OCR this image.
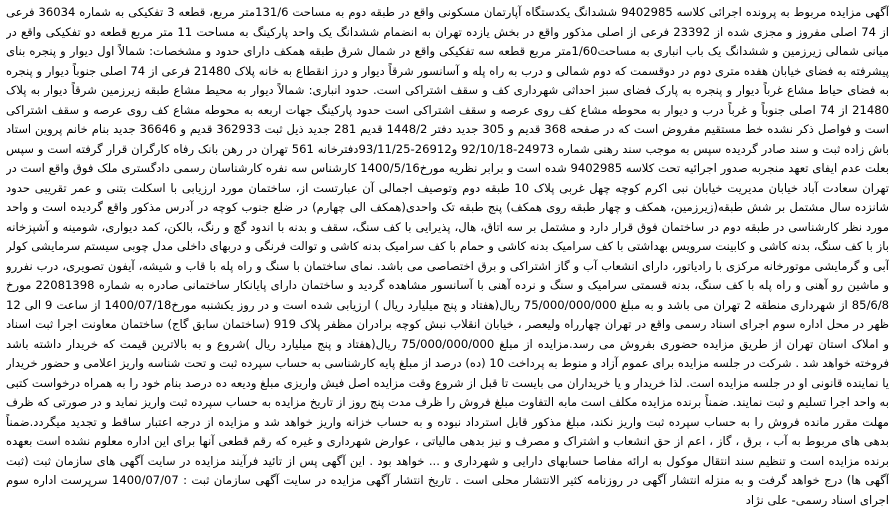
آگهی مزایده مربوط به پرونده اجرائی کلاسه 9402985 ششدانگ یکدستگاه آپارتمان مسکونی واقع در طبقه دوم به مساحت 131/6متر مربع، قطعه 3 تفکیکی به شماره 36034 فرعی از 74 اصلی مفروز و مجزی شده از 23392 فرعی از اصلی مذکور واقع در بخش یازده تهران به انضمام ششدانگ یک واحد پارکینگ به مساحت 11 متر مربع قطعه دو تفکیکی واقع در میانی شمالی زیرزمین و ششدانگ یک باب انباری به مساحت1/60متر مربع قطعه سه تفکیکی واقع در شمال شرق طبقه همکف دارای حدود و مشخصات: شمالاً اول دیوار و پنجره بنای پیشرفته به فضای خیابان هفده متری دوم در دوقسمت که دوم شمالی و درب به راه پله و آسانسور شرقاً دیوار و درز انقطاع به خانه پلاک 21480 فرعی از 74 اصلی جنوباً دیوار و پنجره به فضای حیاط مشاع غرباً دیوار و پنجره به پارک فضای سبز احداثی شهرداری کف و سقف اشتراکی است. حدود انباری: شمالاً دیوار به محیط مشاع طبقه زیرزمین شرقاً دیوار به پلاک 21480 از 74 اصلی جنوباً و غرباً درب و دیوار به محوطه مشاع کف روی عرصه و سقف اشتراکی است حدود پارکینگ جهات اربعه به محوطه مشاع کف روی عرصه و سقف اشتراکی است و فواصل ذکر نشده خط مستقیم مفروض است که در صفحه 368 قدیم و 305 جدید دفتر 1448/2 قدیم 281 جدید ذیل ثبت 362933 قدیم و 36646 جدید بنام خانم پروین استاد باش زاده ثبت و سند صادر گردیده سپس به موجب سند رهنی شماره 24973-92/10/18 و26912-93/11/25دفترخانه 561 تهران در رهن بانک رفاه کارگران قرار گرفته است و سپس بعلت عدم ایفای تعهد منجربه صدور اجرائیه تحت کلاسه 9402985 شده است و برابر نظریه مورخ1400/5/16 کارشناس سه نفره کارشناسان رسمی دادگستری ملک فوق واقع است در تهران سعادت آباد خیابان مدیریت خیابان نبی اکرم کوچه چهل غربی پلاک 10 طبقه دوم وتوصیف اجمالی آن عبارتست از، ساختمان مورد ارزیابی با اسکلت بتنی و عمر تقریبی حدود شانزده سال مشتمل بر شش طبقه(زیرزمین، همکف و چهار طبقه روی همکف) پنج طبقه تک واحدی(همکف الی چهارم) در ضلع جنوب کوچه در آدرس مذکور واقع گردیده است و واحد مورد نظر کارشناسی در طبقه دوم در ساختمان فوق قرار دارد و مشتمل بر سه اتاق، هال، پذیرایی با کف سنگ، سقف و بدنه با اندود گچ و رنگ، بالکن، کمد دیواری، شومینه و آشپزخانه باز با کف سنگ، بدنه کاشی و کابینت سرویس بهداشتی با کف سرامیک بدنه کاشی و حمام با کف سرامیک بدنه کاشی و توالت فرنگی و دربهای داخلی مدل چوبی سیستم سرمایشی کولر آبی و گرمایشی موتورخانه مرکزی با رادیاتور، دارای انشعاب آب و گاز اشتراکی و برق اختصاصی می باشد. نمای ساختمان با سنگ و راه پله با قاب و شیشه، آیفون تصویری، درب نفررو و ماشین رو آهنی و راه پله با کف سنگ، بدنه قسمتی سرامیک و سنگ و نرده آهنی با آسانسور مشاهده گردید و ساختمان دارای پایانکار ساختمانی صادره به شماره 22081398 مورخ 85/6/8 از شهرداری منطقه 2 تهران می باشد و به مبلغ 75/000/000/000 ریال(هفتاد و پنج میلیارد ریال ) ارزیابی شده است و در روز یکشنبه مورخ1400/07/18 از ساعت 9 الی 12 ظهر در محل اداره سوم اجرای اسناد رسمی واقع در تهران چهارراه ولیعصر ، خیابان انقلاب نبش کوچه برادران مظفر پلاک 919 (ساختمان سابق گاج) ساختمان معاونت اجرا ثبت اسناد و املاک استان تهران از طریق مزایده حضوری بفروش می رسد.مزایده از مبلغ 75/000/000/000 ریال(هفتاد و پنج میلیارد ریال )شروع و به بالاترین قیمت که خریدار داشته باشد فروخته خواهد شد . شرکت در جلسه مزایده برای عموم آزاد و منوط به پرداخت 10 (ده) درصد از مبلغ پایه کارشناسی به حساب سپرده ثبت و تحت شناسه واریز اعلامی و حضور خریدار یا نماینده قانونی او در جلسه مزایده است. لذا خریدار و یا خریداران می بایست تا قبل از شروع وقت مزایده اصل فیش واریزی مبلغ ودیعه ده درصد بنام خود را به همراه درخواست کتبی به واحد اجرا تسلیم و ثبت نمایند. ضمناً برنده مزایده مکلف است مابه التفاوت مبلغ فروش را ظرف مدت پنج روز از تاریخ مزایده به حساب سپرده ثبت واریز نماید و در صورتی که ظرف مهلت مقرر مانده فروش را به حساب سپرده ثبت واریز نکند، مبلغ مذکور قابل استرداد نبوده و به حساب خزانه واریز خواهد شد و مزایده از درجه اعتبار ساقط و تجدید میگردد.ضمناً بدهی های مربوط به آب ، برق ، گاز ، اعم از حق انشعاب و اشتراک و مصرف و نیز بدهی مالیاتی ، عوارض شهرداری و غیره که رقم قطعی آنها برای این اداره معلوم نشده است بعهده برنده مزایده است و تنظیم سند انتقال موکول به ارائه مفاصا حسابهای دارایی و شهرداری و ... خواهد بود . این آگهی پس از تائید فرآیند مزایده در سایت آگهی های سازمان ثبت (ثبت آگهی ها) درج خواهد گرفت و به منزله انتشار آگهی در روزنامه کثیر الانتشار محلی است . تاریخ انتشار آگهی مزایده در سایت آگهی سازمان ثبت : 1400/07/07 سرپرست اداره سوم اجرای اسناد رسمی- علی نژاد
